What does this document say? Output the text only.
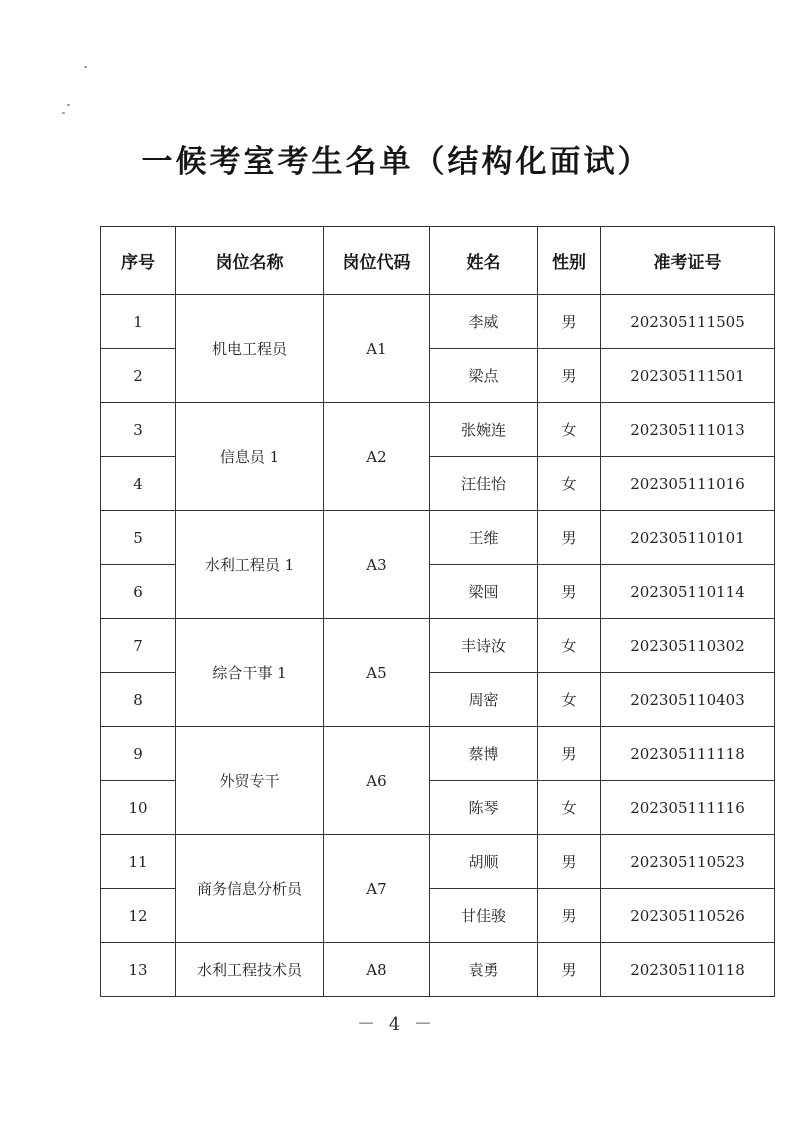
一候考室考生名单（结构化面试）
序号	岗位名称	岗位代码	姓名	性别	准考证号
1	机电工程员	A1	李威	男	202305111505
2			梁点	男	202305111501
3	信息员 1	A2	张婉连	女	202305111013
4			汪佳怡	女	202305111016
5	水利工程员 1	A3	王维	男	202305110101
6			梁囤	男	202305110114
7	综合干事 1	A5	丰诗汝	女	202305110302
8			周密	女	202305110403
9	外贸专干	A6	蔡博	男	202305111118
10			陈琴	女	202305111116
11	商务信息分析员	A7	胡顺	男	202305110523
12			甘佳骏	男	202305110526
13	水利工程技术员	A8	袁勇	男	202305110118
－ 4 －
